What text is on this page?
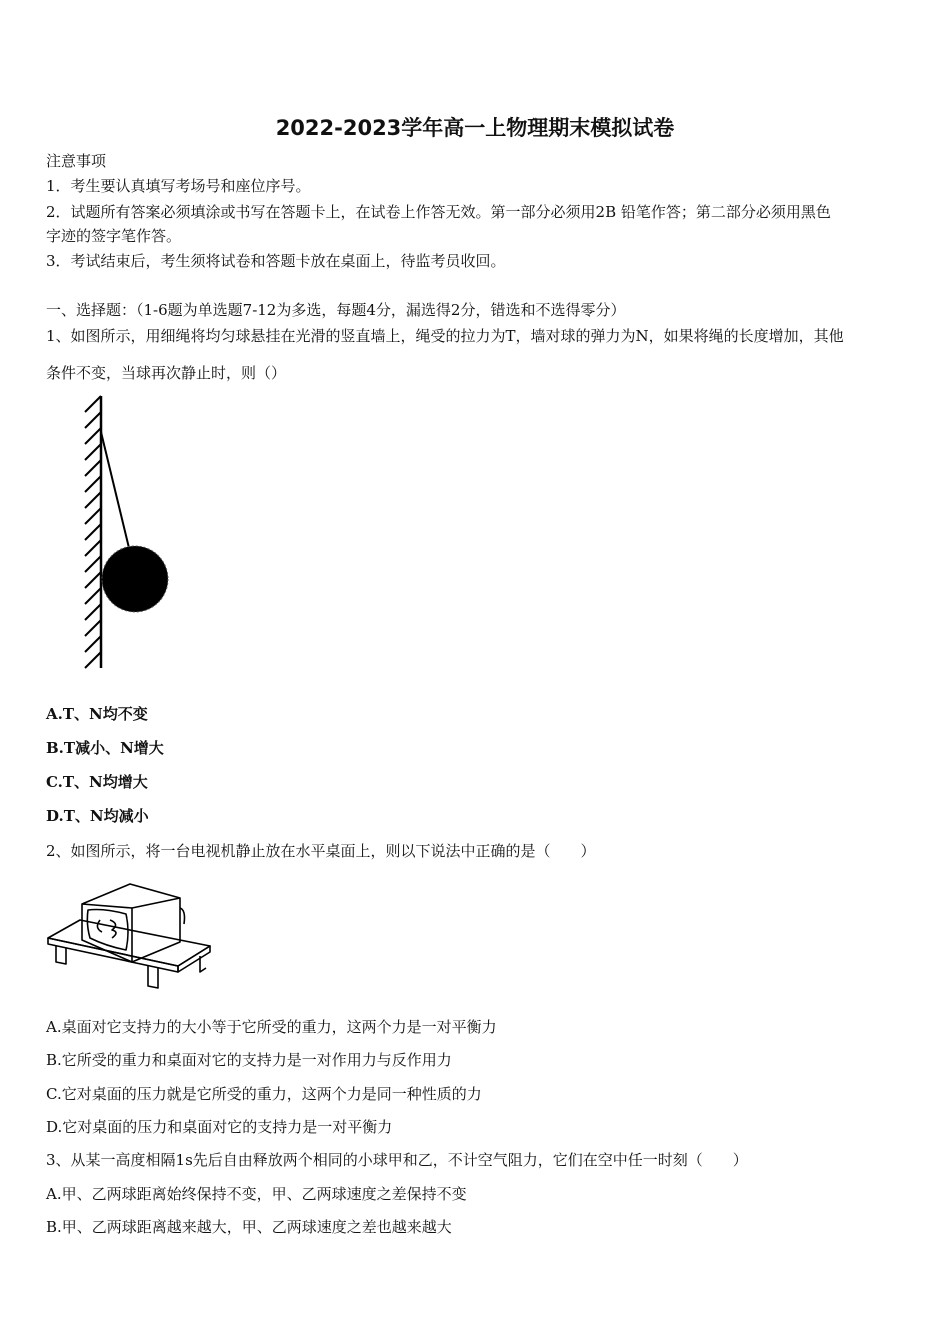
2022-2023学年高一上物理期末模拟试卷
注意事项
1．考生要认真填写考场号和座位序号。
2．试题所有答案必须填涂或书写在答题卡上，在试卷上作答无效。第一部分必须用2B 铅笔作答；第二部分必须用黑色
字迹的签字笔作答。
3．考试结束后，考生须将试卷和答题卡放在桌面上，待监考员收回。
一、选择题：（1-6题为单选题7-12为多选，每题4分，漏选得2分，错选和不选得零分）
1、如图所示，用细绳将均匀球悬挂在光滑的竖直墙上，绳受的拉力为T，墙对球的弹力为N，如果将绳的长度增加，其他
条件不变，当球再次静止时，则（）
A.T、N均不变
B.T减小、N增大
C.T、N均增大
D.T、N均减小
2、如图所示，将一台电视机静止放在水平桌面上，则以下说法中正确的是（　　）
A.桌面对它支持力的大小等于它所受的重力，这两个力是一对平衡力
B.它所受的重力和桌面对它的支持力是一对作用力与反作用力
C.它对桌面的压力就是它所受的重力，这两个力是同一种性质的力
D.它对桌面的压力和桌面对它的支持力是一对平衡力
3、从某一高度相隔1s先后自由释放两个相同的小球甲和乙，不计空气阻力，它们在空中任一时刻（　　）
A.甲、乙两球距离始终保持不变，甲、乙两球速度之差保持不变
B.甲、乙两球距离越来越大，甲、乙两球速度之差也越来越大
